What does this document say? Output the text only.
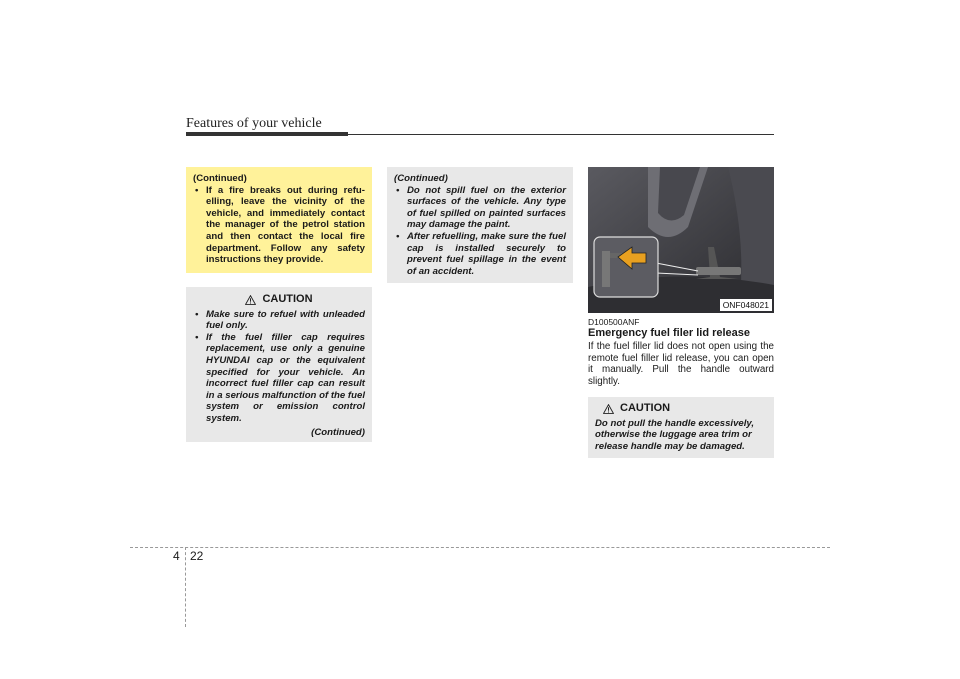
Features of your vehicle

(Continued)

• If a fire breaks out during refu- elling, leave the vicinity of the vehicle, and immediately contact the manager of the petrol station and then contact the local fire department. Follow any safety instructions they provide.
CAUTION
• Make sure to refuel with unleaded fuel only.
• If the fuel filler cap requires replacement, use only a genuine HYUNDAI cap or the equivalent specified for your vehicle. An incorrect fuel filler cap can result in a serious malfunction of the fuel system or emission control system.

(Continued)

(Continued)

• Do not spill fuel on the exterior surfaces of the vehicle. Any type of fuel spilled on painted surfaces may damage the paint.
• After refuelling, make sure the fuel cap is installed securely to prevent fuel spillage in the event of an accident.
ONF048021
D100500ANF
Emergency fuel filer lid release
If the fuel filler lid does not open using the remote fuel filler lid release, you can open it manually. Pull the handle outward slightly.
CAUTION

Do not pull the handle excessively, otherwise the luggage area trim or release handle may be damaged.

4 22
